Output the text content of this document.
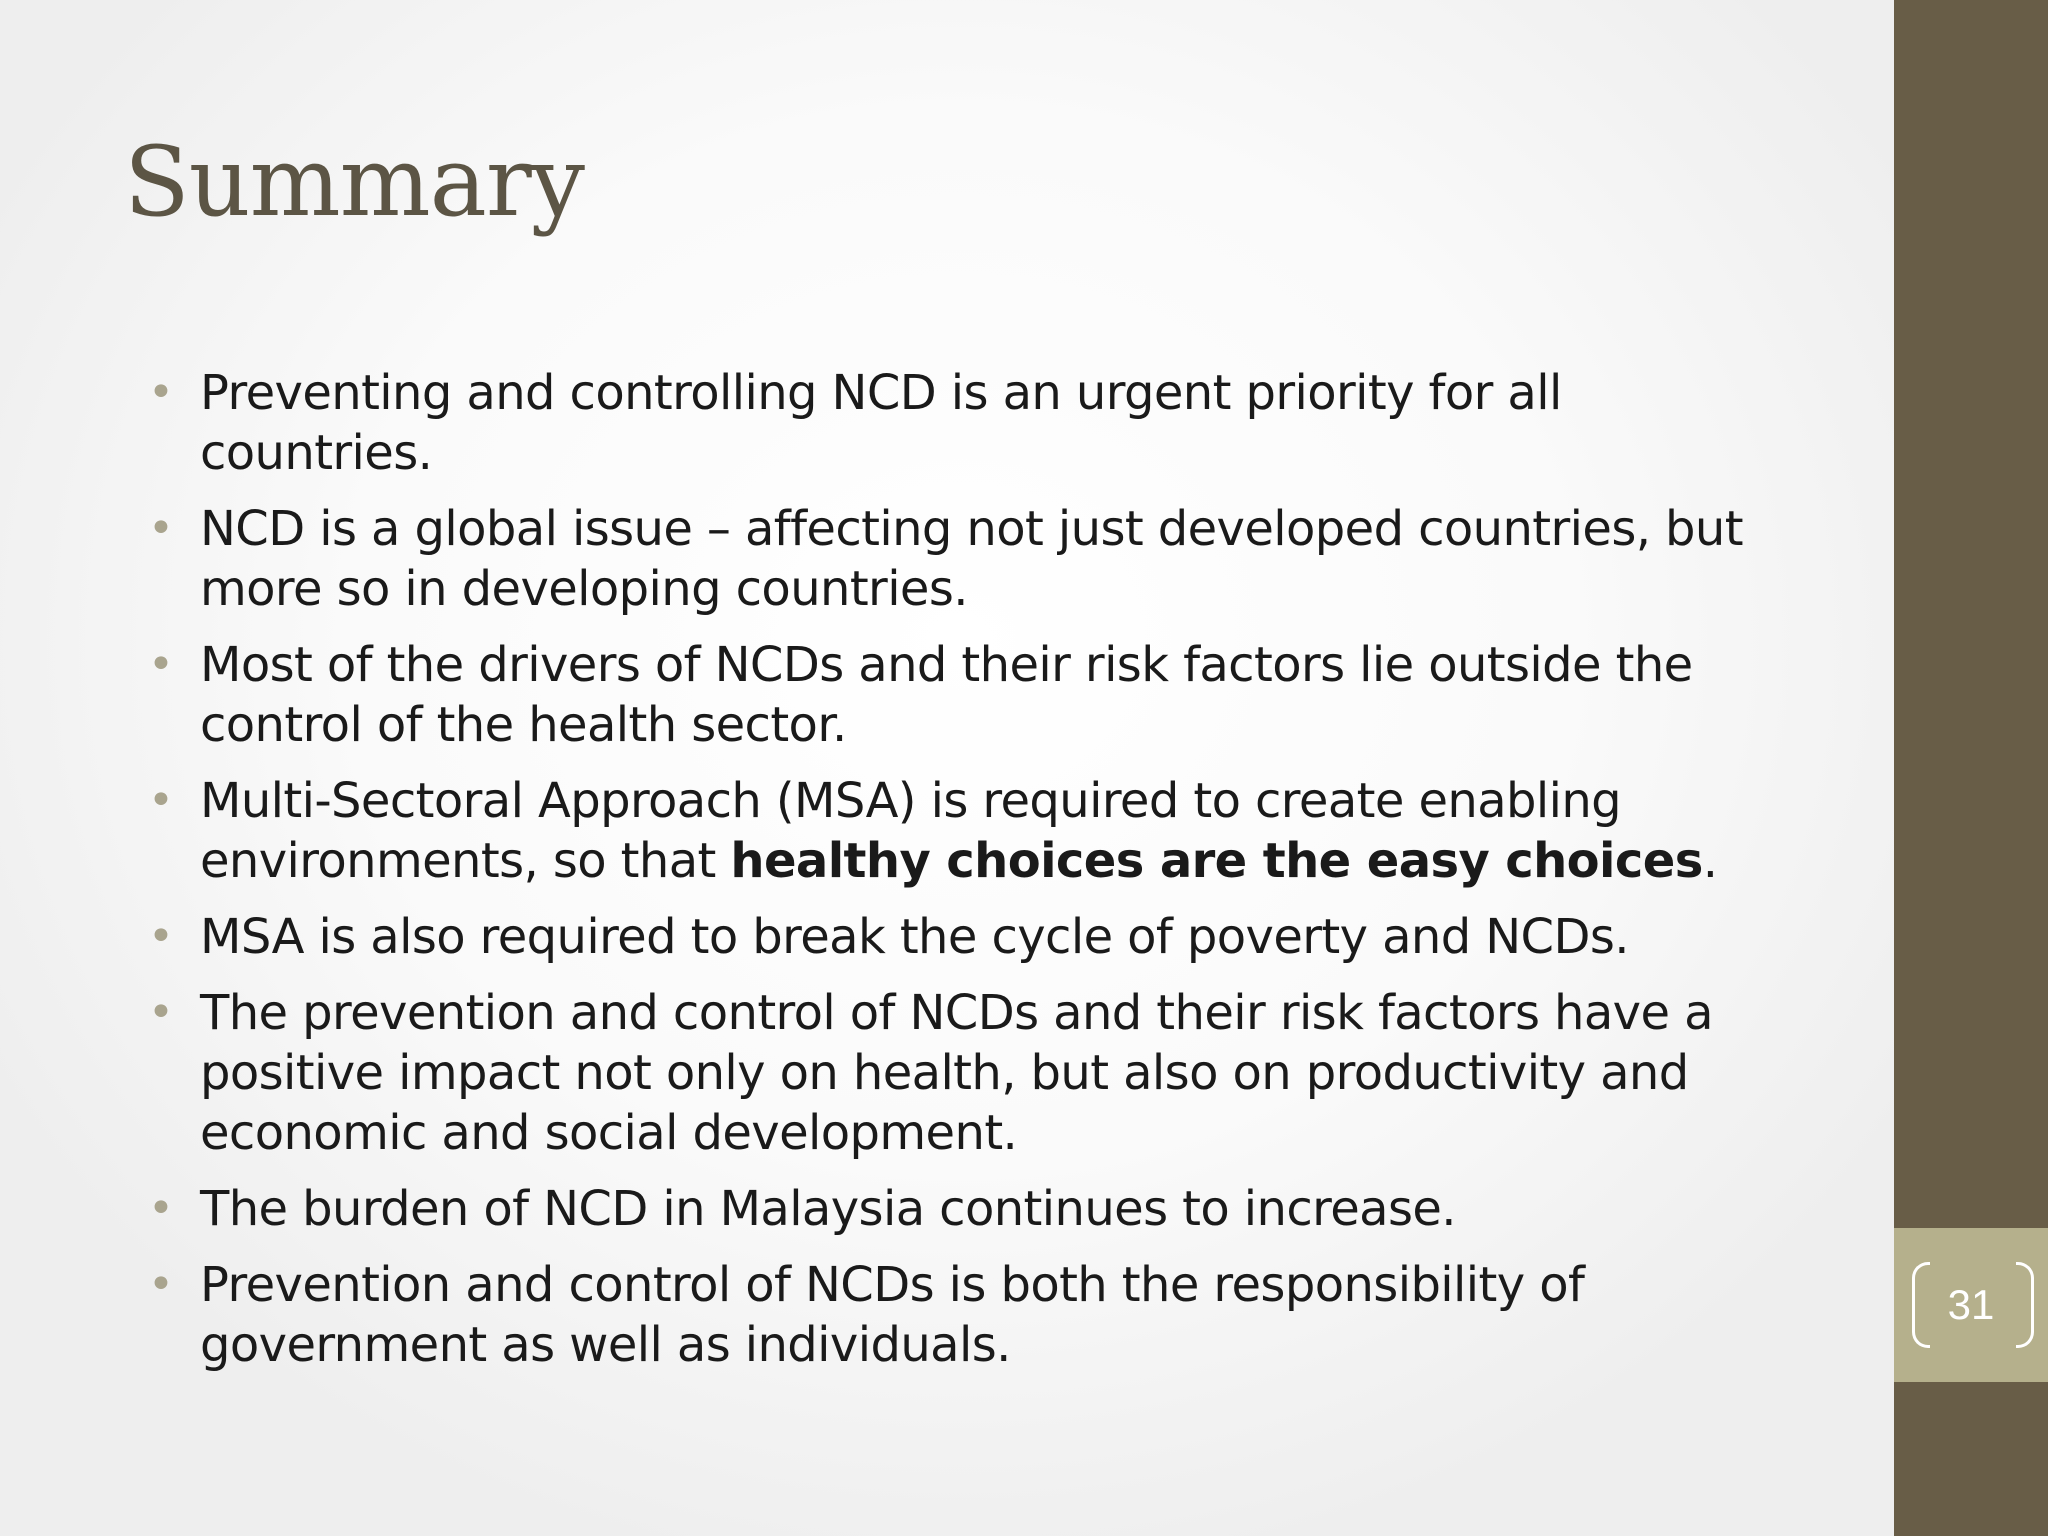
Summary
• Preventing and controlling NCD is an urgent priority for all countries.
• NCD is a global issue – affecting not just developed countries, but more so in developing countries.
• Most of the drivers of NCDs and their risk factors lie outside the control of the health sector.
• Multi-Sectoral Approach (MSA) is required to create enabling environments, so that healthy choices are the easy choices.
• MSA is also required to break the cycle of poverty and NCDs.
• The prevention and control of NCDs and their risk factors have a positive impact not only on health, but also on productivity and economic and social development.
• The burden of NCD in Malaysia continues to increase.
• Prevention and control of NCDs is both the responsibility of government as well as individuals.
31
